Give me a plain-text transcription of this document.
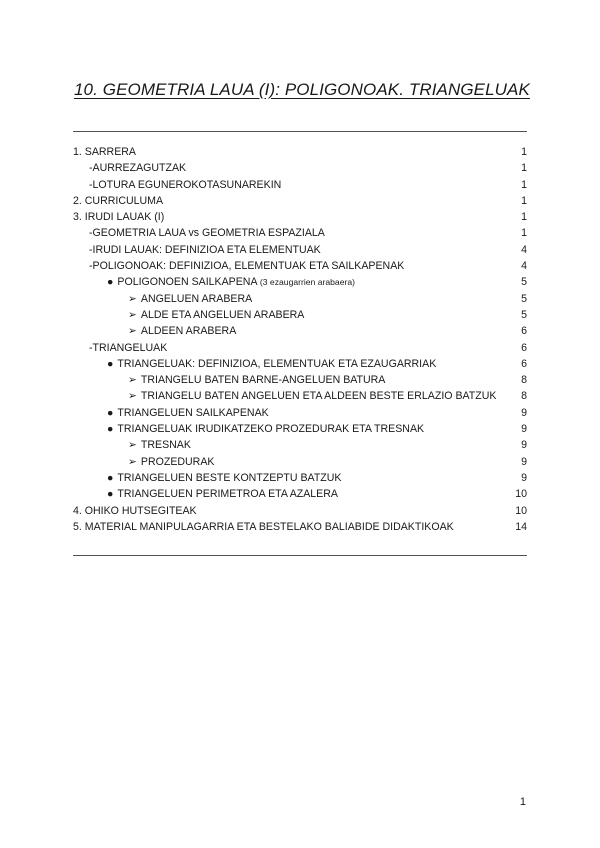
10. GEOMETRIA LAUA (I): POLIGONOAK. TRIANGELUAK
1. SARRERA	1
-AURREZAGUTZAK	1
-LOTURA EGUNEROKOTASUNAREKIN	1
2. CURRICULUMA	1
3. IRUDI LAUAK (I)	1
-GEOMETRIA LAUA vs GEOMETRIA ESPAZIALA	1
-IRUDI LAUAK: DEFINIZIOA ETA ELEMENTUAK	4
-POLIGONOAK: DEFINIZIOA, ELEMENTUAK ETA SAILKAPENAK	4
● POLIGONOEN SAILKAPENA (3 ezaugarrien arabaera)	5
➢ ANGELUEN ARABERA	5
➢ ALDE ETA ANGELUEN ARABERA	5
➢ ALDEEN ARABERA	6
-TRIANGELUAK	6
● TRIANGELUAK: DEFINIZIOA, ELEMENTUAK ETA EZAUGARRIAK	6
➢ TRIANGELU BATEN BARNE-ANGELUEN BATURA	8
➢ TRIANGELU BATEN ANGELUEN ETA ALDEEN BESTE ERLAZIO BATZUK 8
● TRIANGELUEN SAILKAPENAK	9
● TRIANGELUAK IRUDIKATZEKO PROZEDURAK ETA TRESNAK	9
➢ TRESNAK	9
➢ PROZEDURAK	9
● TRIANGELUEN BESTE KONTZEPTU BATZUK	9
● TRIANGELUEN PERIMETROA ETA AZALERA	10
4. OHIKO HUTSEGITEAK	10
5. MATERIAL MANIPULAGARRIA ETA BESTELAKO BALIABIDE DIDAKTIKOAK	14
1
